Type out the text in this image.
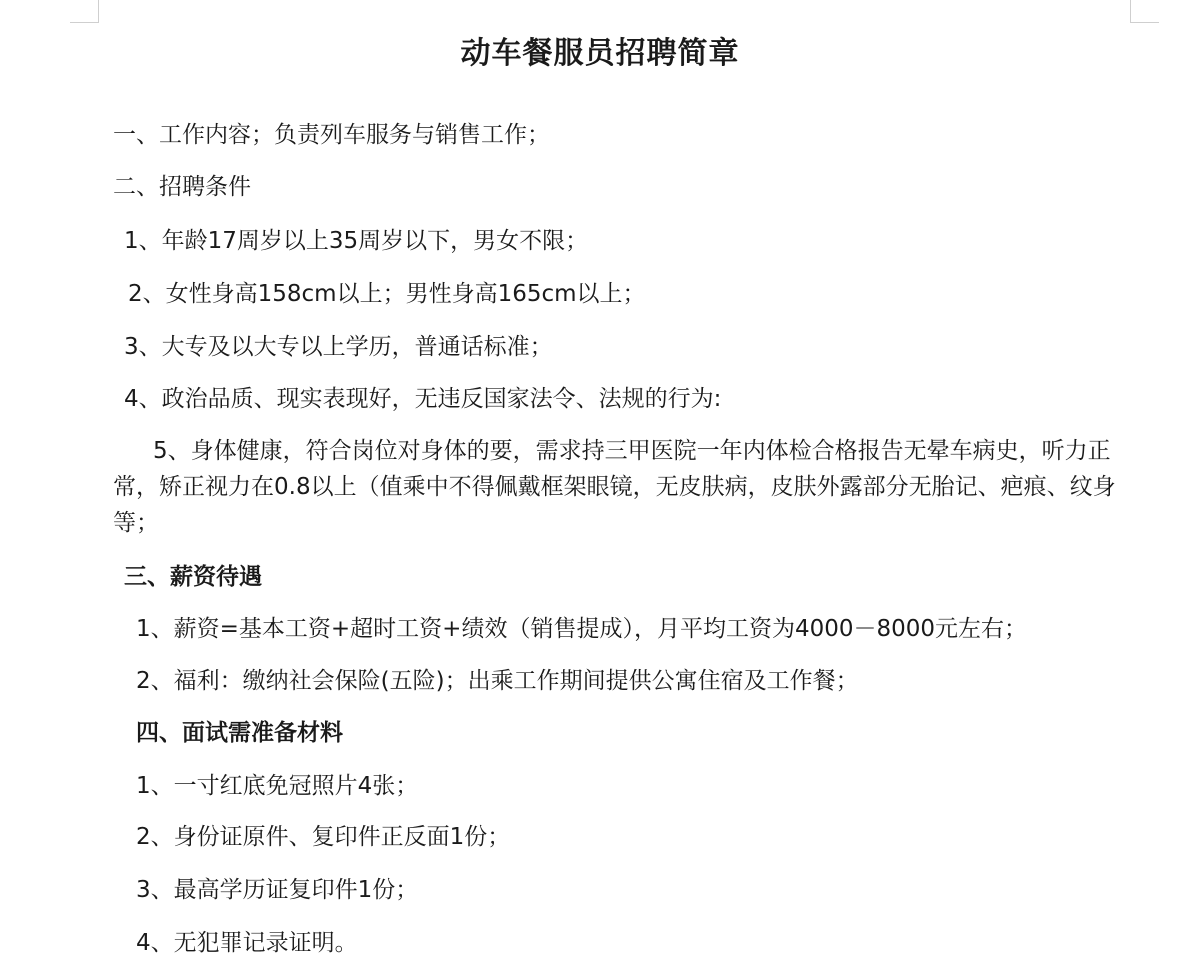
动车餐服员招聘简章
一、工作内容；负责列车服务与销售工作；
二、招聘条件
1、年龄17周岁以上35周岁以下，男女不限；
2、女性身高158cm以上；男性身高165cm以上；
3、大专及以大专以上学历，普通话标准；
4、政治品质、现实表现好，无违反国家法令、法规的行为:
5、身体健康，符合岗位对身体的要，需求持三甲医院一年内体检合格报告无晕车病史，听力正常，矫正视力在0.8以上（值乘中不得佩戴框架眼镜，无皮肤病，皮肤外露部分无胎记、疤痕、纹身等；
三、薪资待遇
1、薪资=基本工资+超时工资+绩效（销售提成），月平均工资为4000－8000元左右；
2、福利：缴纳社会保险(五险)；出乘工作期间提供公寓住宿及工作餐；
四、面试需准备材料
1、一寸红底免冠照片4张；
2、身份证原件、复印件正反面1份；
3、最高学历证复印件1份；
4、无犯罪记录证明。
